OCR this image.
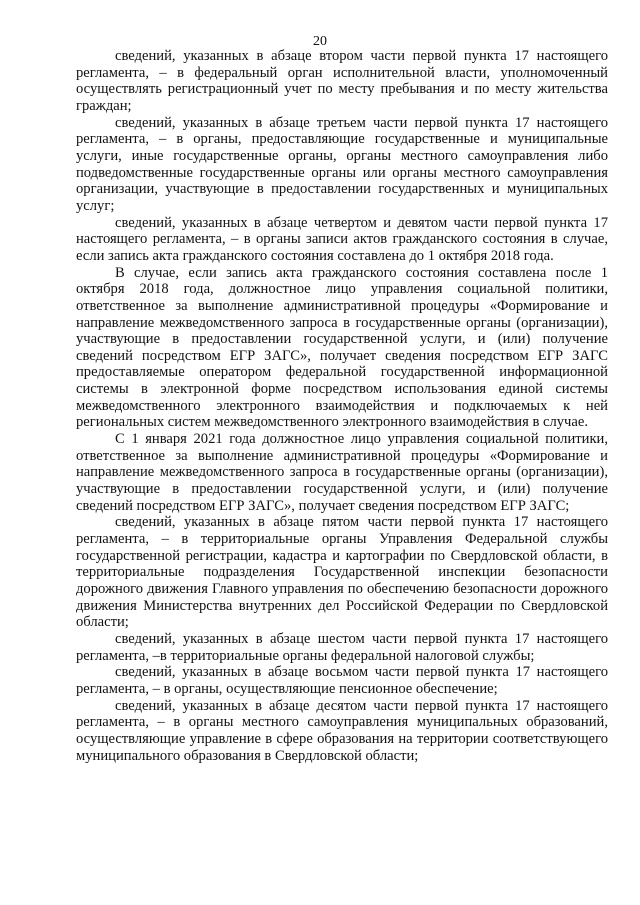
20

сведений, указанных в абзаце втором части первой пункта 17 настоящего регламента, – в федеральный орган исполнительной власти, уполномоченный осуществлять регистрационный учет по месту пребывания и по месту жительства граждан;

сведений, указанных в абзаце третьем части первой пункта 17 настоящего регламента, – в органы, предоставляющие государственные и муниципальные услуги, иные государственные органы, органы местного самоуправления либо подведомственные государственные органы или органы местного самоуправления организации, участвующие в предоставлении государственных и муниципальных услуг;

сведений, указанных в абзаце четвертом и девятом части первой пункта 17 настоящего регламента, – в органы записи актов гражданского состояния в случае, если запись акта гражданского состояния составлена до 1 октября 2018 года.

В случае, если запись акта гражданского состояния составлена после 1 октября 2018 года, должностное лицо управления социальной политики, ответственное за выполнение административной процедуры «Формирование и направление межведомственного запроса в государственные органы (организации), участвующие в предоставлении государственной услуги, и (или) получение сведений посредством ЕГР ЗАГС», получает сведения посредством ЕГР ЗАГС предоставляемые оператором федеральной государственной информационной системы в электронной форме посредством использования единой системы межведомственного электронного взаимодействия и подключаемых к ней региональных систем межведомственного электронного взаимодействия в случае.

С 1 января 2021 года должностное лицо управления социальной политики, ответственное за выполнение административной процедуры «Формирование и направление межведомственного запроса в государственные органы (организации), участвующие в предоставлении государственной услуги, и (или) получение сведений посредством ЕГР ЗАГС», получает сведения посредством ЕГР ЗАГС;

сведений, указанных в абзаце пятом части первой пункта 17 настоящего регламента, – в территориальные органы Управления Федеральной службы государственной регистрации, кадастра и картографии по Свердловской области, в территориальные подразделения Государственной инспекции безопасности дорожного движения Главного управления по обеспечению безопасности дорожного движения Министерства внутренних дел Российской Федерации по Свердловской области;

сведений, указанных в абзаце шестом части первой пункта 17 настоящего регламента, –в территориальные органы федеральной налоговой службы;

сведений, указанных в абзаце восьмом части первой пункта 17 настоящего регламента, – в органы, осуществляющие пенсионное обеспечение;

сведений, указанных в абзаце десятом части первой пункта 17 настоящего регламента, – в органы местного самоуправления муниципальных образований, осуществляющие управление в сфере образования на территории соответствующего муниципального образования в Свердловской области;
